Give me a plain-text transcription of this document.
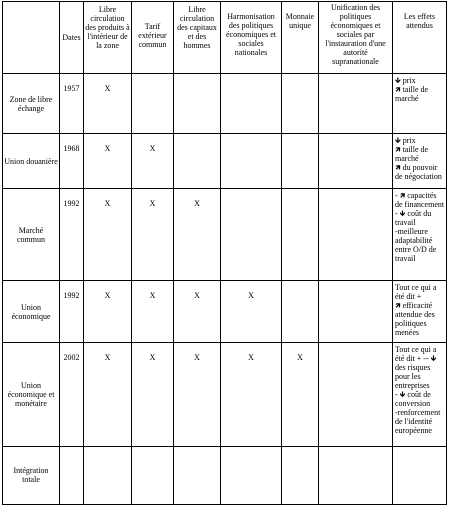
	Dates	Libre circulation des produits à l'intérieur de la zone	Tarif extérieur commun	Libre circulation des capitaux et des hommes	Harmonisation des politiques économiques et sociales nationales	Monnaie unique	Unification des politiques économiques et sociales par l'instauration d'une autorité supranationale	Les effets attendus
Zone de libre échange	1957	X						🡻 prix
🡽 taille de marché

Union douanière	1968	X	X					🡻 prix
🡽 taille de marché
🡽 du pouvoir de négociation

Marché commun	1992	X	X	X				- 🡽 capacités de financement
- 🡻 coût du travail
-meilleure adaptabilité entre O/D de travail

Union économique	1992	X	X	X	X			Tout ce qui a été dit +
🡽 efficacité attendue des politiques menées

Union économique et monétaire	2002	X	X	X	X	X		Tout ce qui a été dit + -- 🡻 des risques pour les entreprises
- 🡻 coût de conversion
-renforcement de l'identité européenne

Intégration totale								
